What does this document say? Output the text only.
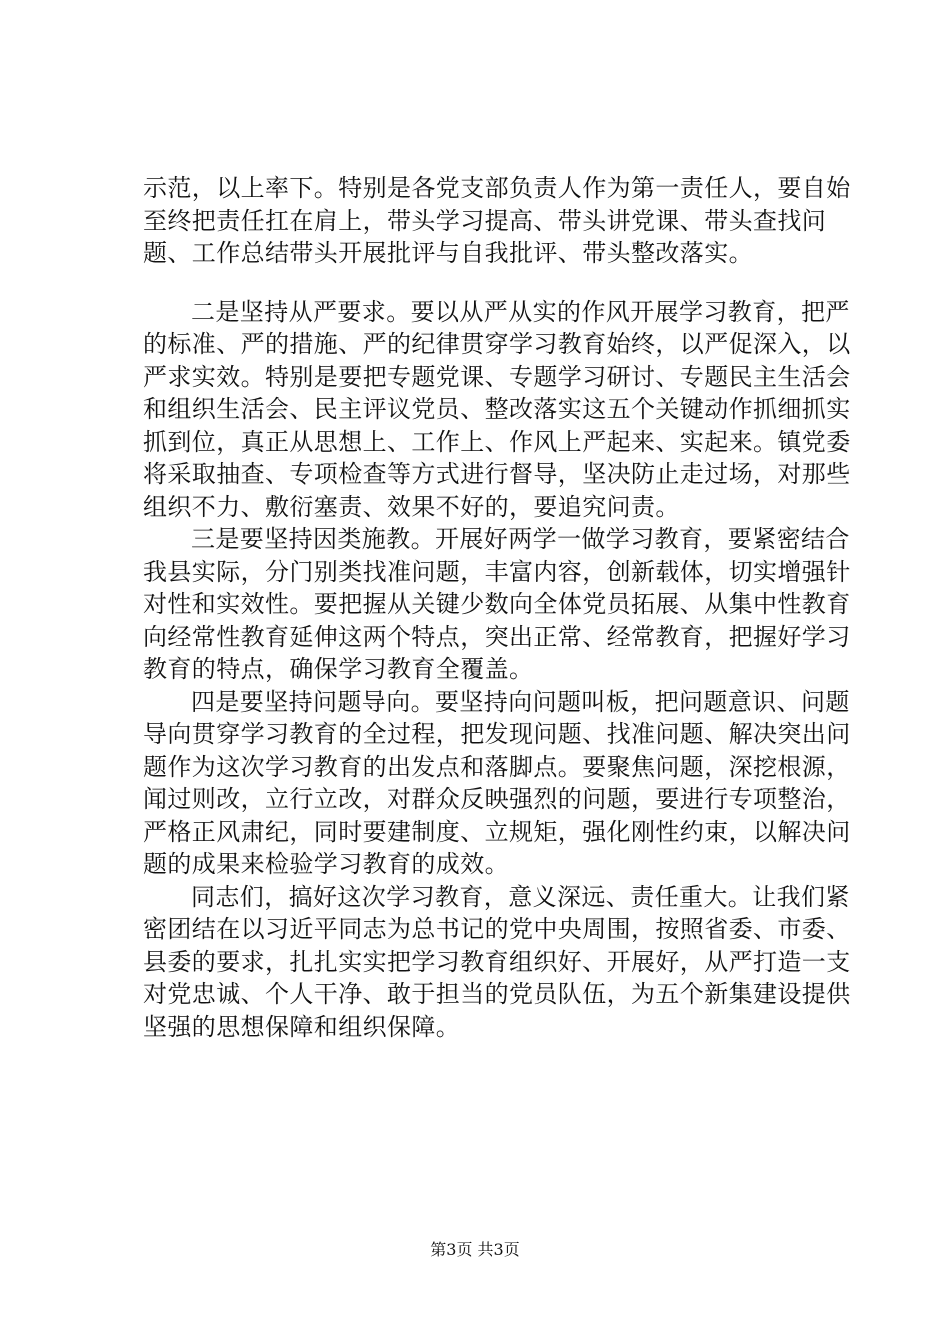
示范，以上率下。特别是各党支部负责人作为第一责任人，要自始至终把责任扛在肩上，带头学习提高、带头讲党课、带头查找问题、工作总结带头开展批评与自我批评、带头整改落实。

二是坚持从严要求。要以从严从实的作风开展学习教育，把严的标准、严的措施、严的纪律贯穿学习教育始终，以严促深入，以严求实效。特别是要把专题党课、专题学习研讨、专题民主生活会和组织生活会、民主评议党员、整改落实这五个关键动作抓细抓实抓到位，真正从思想上、工作上、作风上严起来、实起来。镇党委将采取抽查、专项检查等方式进行督导，坚决防止走过场，对那些组织不力、敷衍塞责、效果不好的，要追究问责。

三是要坚持因类施教。开展好两学一做学习教育，要紧密结合我县实际，分门别类找准问题，丰富内容，创新载体，切实增强针对性和实效性。要把握从关键少数向全体党员拓展、从集中性教育向经常性教育延伸这两个特点，突出正常、经常教育，把握好学习教育的特点，确保学习教育全覆盖。

四是要坚持问题导向。要坚持向问题叫板，把问题意识、问题导向贯穿学习教育的全过程，把发现问题、找准问题、解决突出问题作为这次学习教育的出发点和落脚点。要聚焦问题，深挖根源，闻过则改，立行立改，对群众反映强烈的问题，要进行专项整治，严格正风肃纪，同时要建制度、立规矩，强化刚性约束，以解决问题的成果来检验学习教育的成效。

同志们，搞好这次学习教育，意义深远、责任重大。让我们紧密团结在以习近平同志为总书记的党中央周围，按照省委、市委、县委的要求，扎扎实实把学习教育组织好、开展好，从严打造一支对党忠诚、个人干净、敢于担当的党员队伍，为五个新集建设提供坚强的思想保障和组织保障。

第3页 共3页
